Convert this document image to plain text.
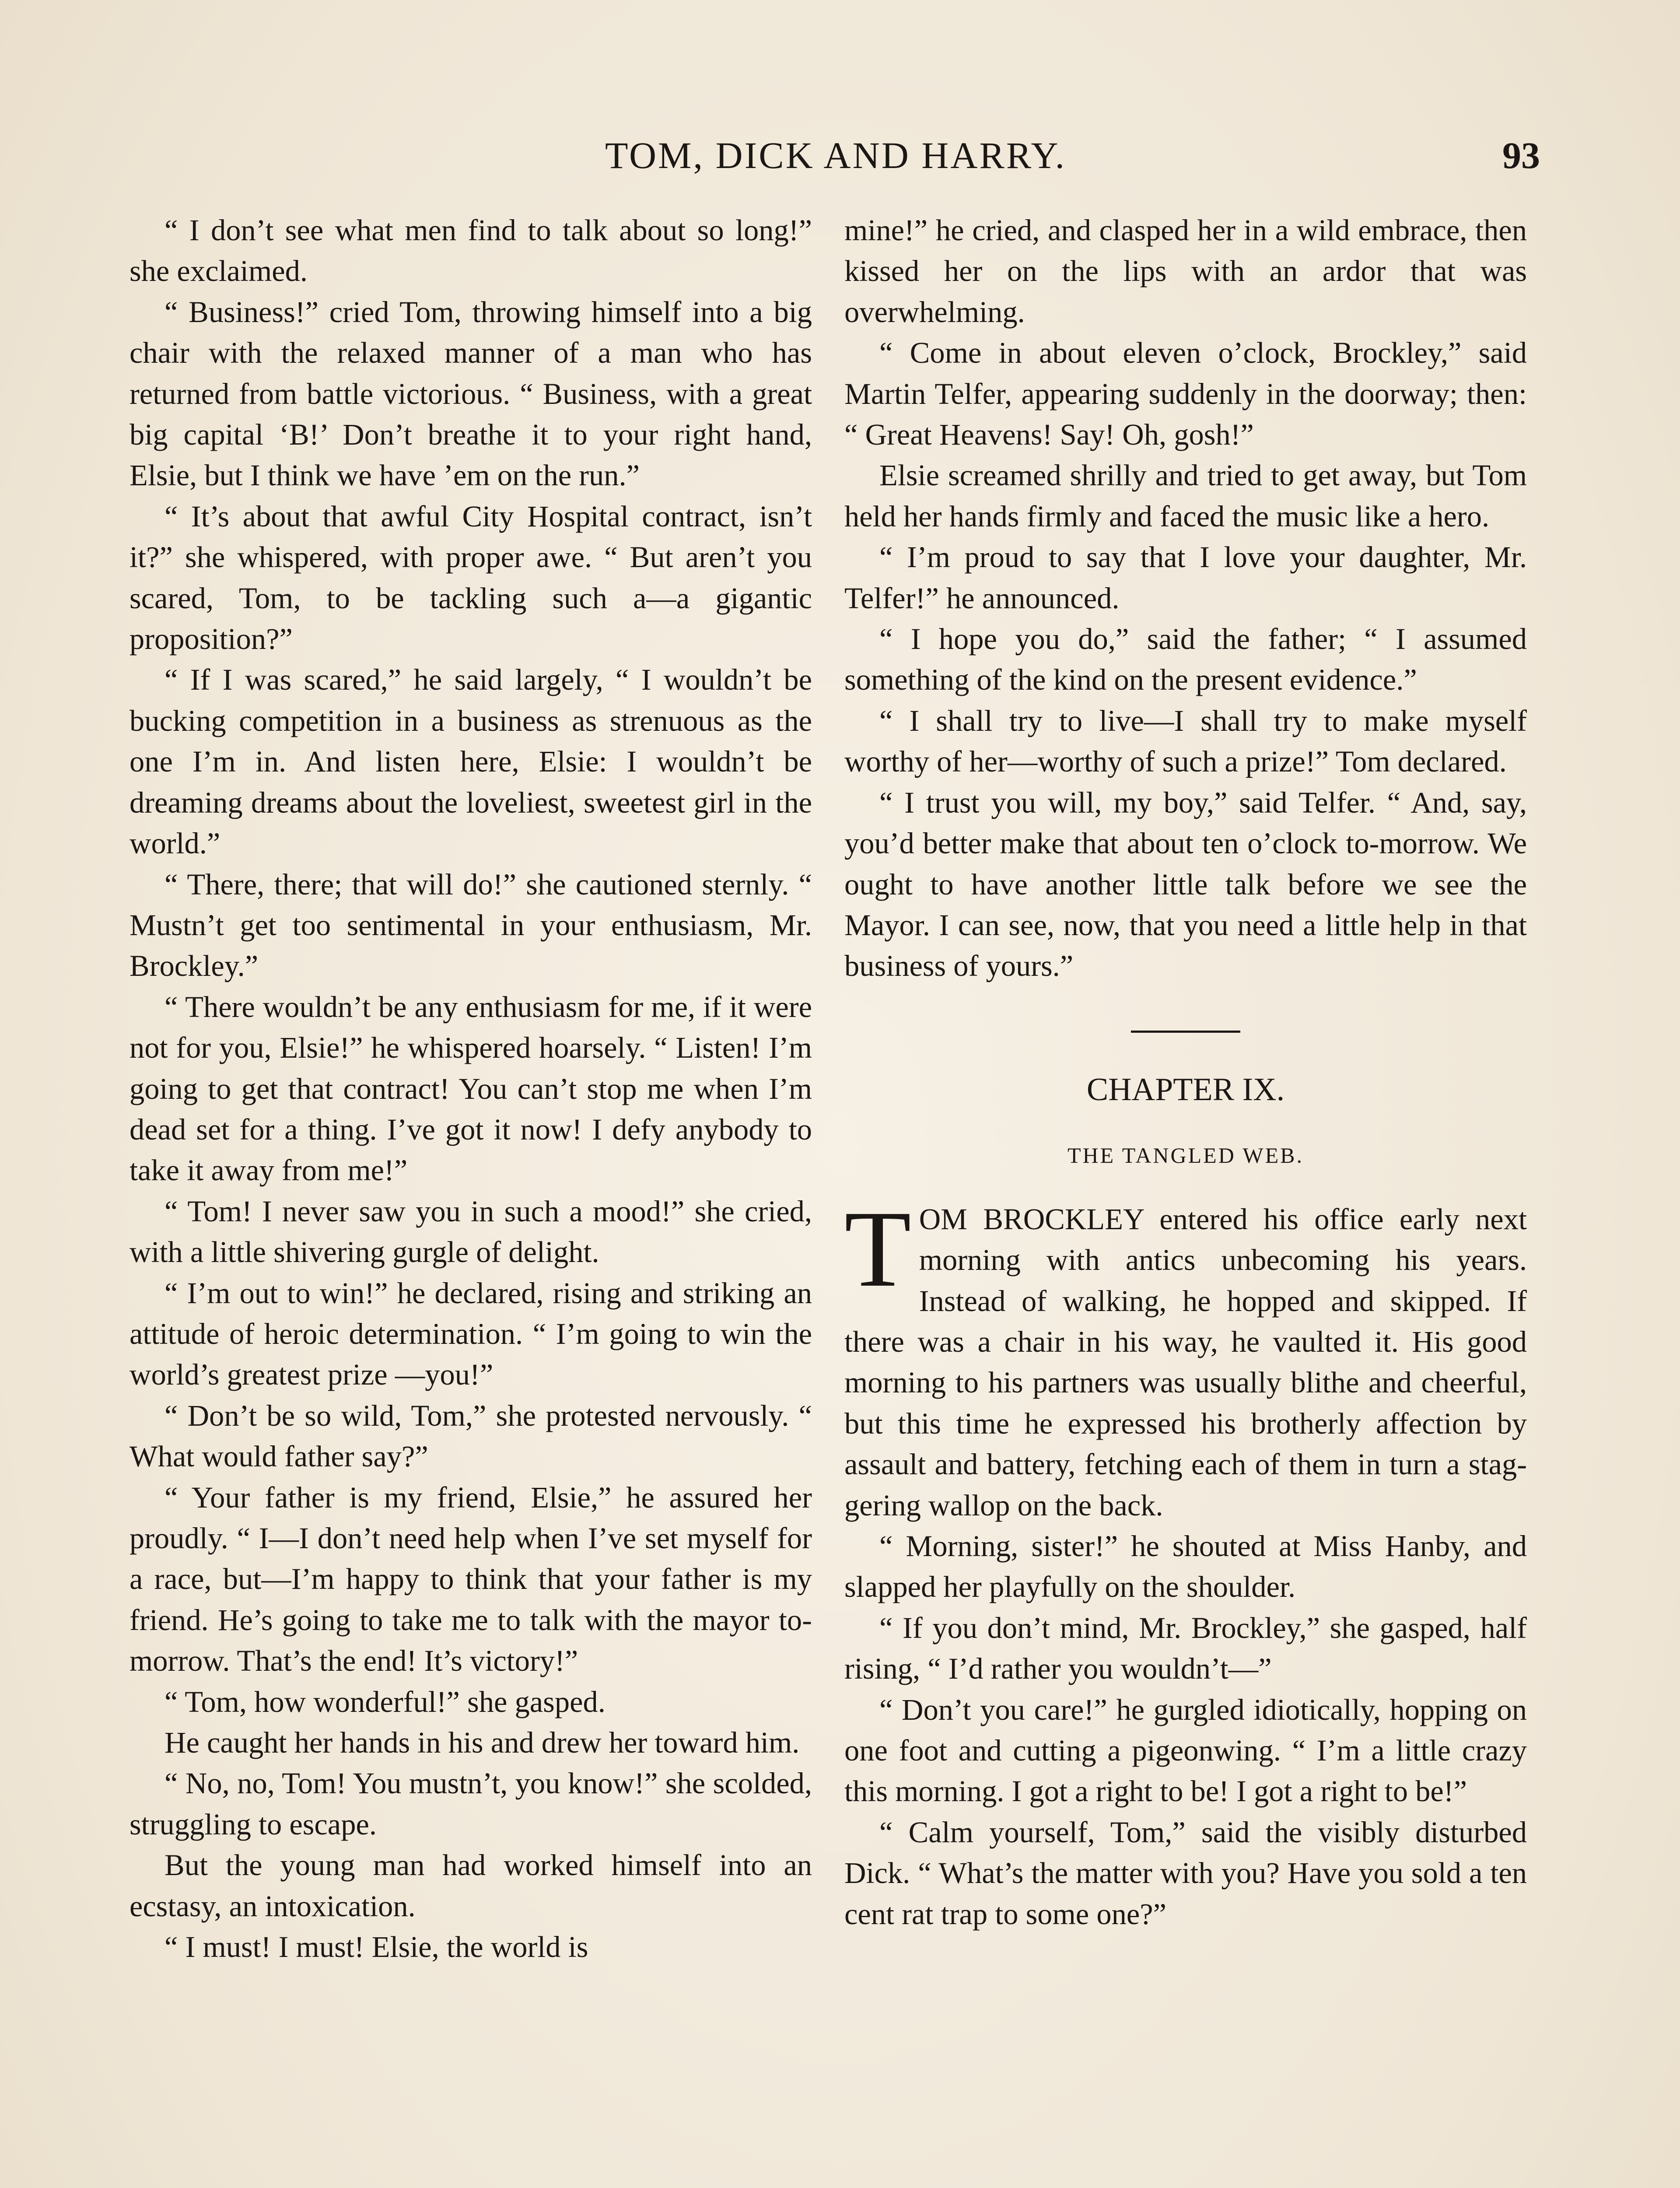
TOM, DICK AND HARRY.	93

“ I don’t see what men find to talk about so long!” she exclaimed.

“ Business!” cried Tom, throwing himself into a big chair with the relaxed manner of a man who has returned from battle victorious. “ Business, with a great big capital ‘B!’ Don’t breathe it to your right hand, Elsie, but I think we have ’em on the run.”

“ It’s about that awful City Hospital contract, isn’t it?” she whispered, with proper awe. “ But aren’t you scared, Tom, to be tackling such a—a gigantic proposition?”

“ If I was scared,” he said largely, “ I wouldn’t be bucking competition in a business as strenuous as the one I’m in. And listen here, Elsie: I wouldn’t be dreaming dreams about the loveliest, sweetest girl in the world.”

“ There, there; that will do!” she cautioned sternly. “ Mustn’t get too sentimental in your enthusiasm, Mr. Brockley.”

“ There wouldn’t be any enthusiasm for me, if it were not for you, Elsie!” he whispered hoarsely. “ Listen! I’m going to get that contract! You can’t stop me when I’m dead set for a thing. I’ve got it now! I defy anybody to take it away from me!”

“ Tom! I never saw you in such a mood!” she cried, with a little shivering gurgle of delight.

“ I’m out to win!” he declared, rising and striking an attitude of heroic determination. “ I’m going to win the world’s greatest prize —you!”

“ Don’t be so wild, Tom,” she protested nervously. “ What would father say?”

“ Your father is my friend, Elsie,” he assured her proudly. “ I—I don’t need help when I’ve set myself for a race, but—I’m happy to think that your father is my friend. He’s going to take me to talk with the mayor to-morrow. That’s the end! It’s victory!”

“ Tom, how wonderful!” she gasped.

He caught her hands in his and drew her toward him.

“ No, no, Tom! You mustn’t, you know!” she scolded, struggling to escape.

But the young man had worked himself into an ecstasy, an intoxication.

“ I must! I must! Elsie, the world is

mine!” he cried, and clasped her in a wild embrace, then kissed her on the lips with an ardor that was overwhelming.

“ Come in about eleven o’clock, Brockley,” said Martin Telfer, appearing suddenly in the doorway; then: “ Great Heavens! Say! Oh, gosh!”

Elsie screamed shrilly and tried to get away, but Tom held her hands firmly and faced the music like a hero.

“ I’m proud to say that I love your daughter, Mr. Telfer!” he announced.

“ I hope you do,” said the father; “ I assumed something of the kind on the present evidence.”

“ I shall try to live—I shall try to make myself worthy of her—worthy of such a prize!” Tom declared.

“ I trust you will, my boy,” said Telfer. “ And, say, you’d better make that about ten o’clock to-morrow. We ought to have another little talk before we see the Mayor. I can see, now, that you need a little help in that business of yours.”

CHAPTER IX.
THE TANGLED WEB.

TOM BROCKLEY entered his office early next morning with antics unbecoming his years. Instead of walking, he hopped and skipped. If there was a chair in his way, he vaulted it. His good morning to his partners was usually blithe and cheerful, but this time he expressed his brotherly affection by assault and battery, fetching each of them in turn a staggering wallop on the back.

“ Morning, sister!” he shouted at Miss Hanby, and slapped her playfully on the shoulder.

“ If you don’t mind, Mr. Brockley,” she gasped, half rising, “ I’d rather you wouldn’t—”

“ Don’t you care!” he gurgled idiotically, hopping on one foot and cutting a pigeonwing. “ I’m a little crazy this morning. I got a right to be! I got a right to be!”

“ Calm yourself, Tom,” said the visibly disturbed Dick. “ What’s the matter with you? Have you sold a ten cent rat trap to some one?”
